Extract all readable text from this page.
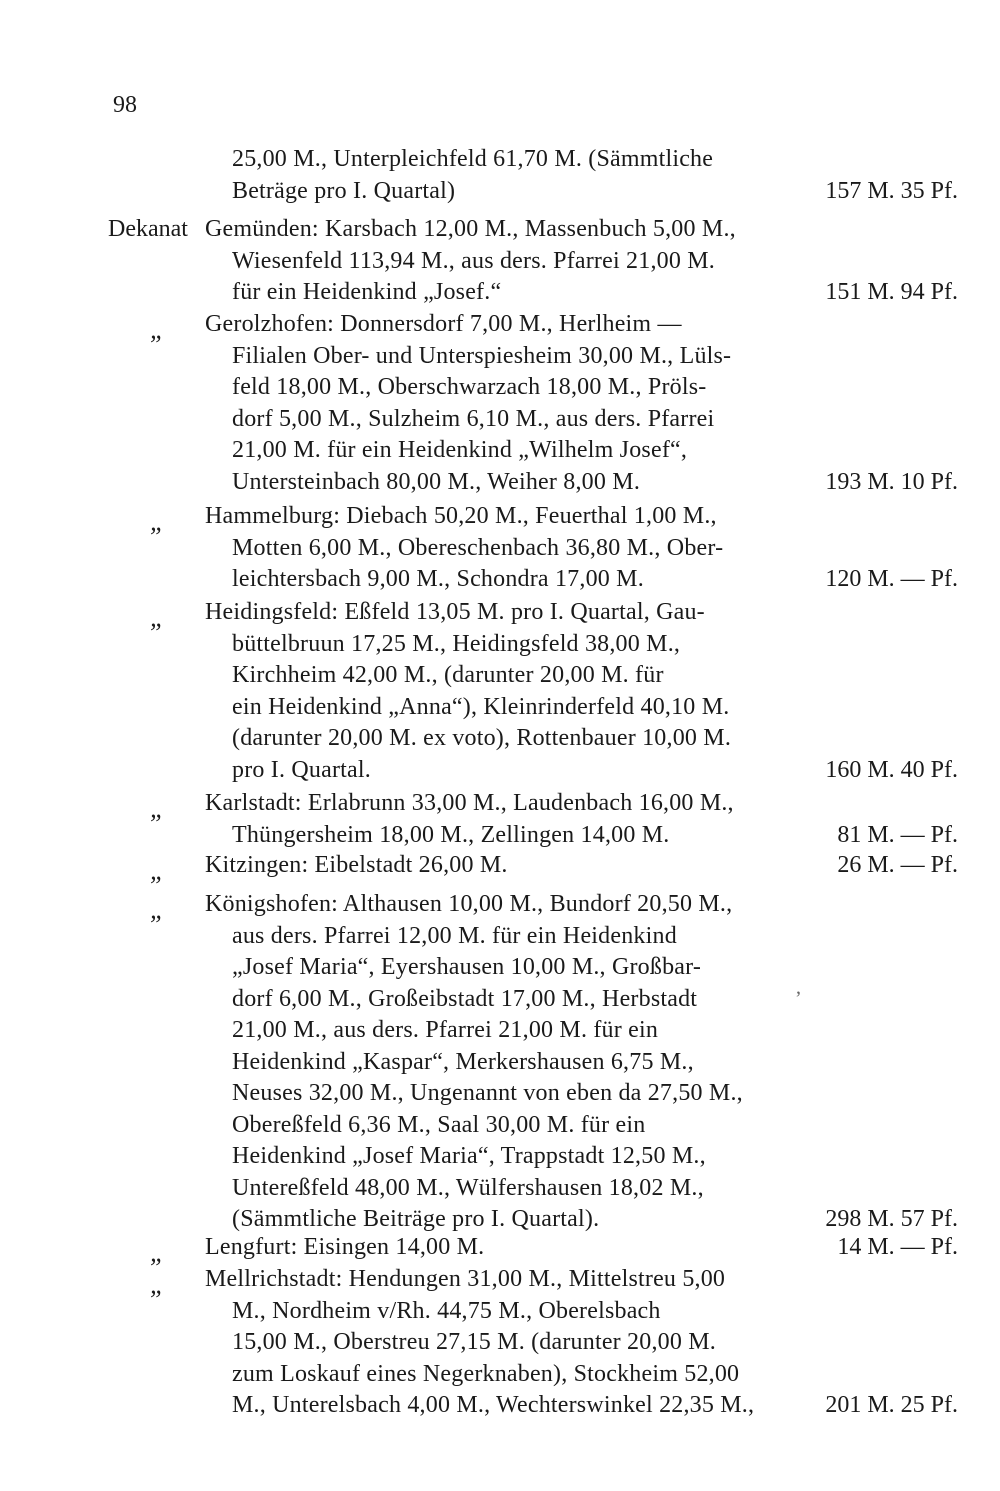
98
25,00 M., Unterpleichfeld 61,70 M. (Sämmtliche
Beträge pro I. Quartal)	157 M. 35 Pf.
Dekanat Gemünden: Karsbach 12,00 M., Massenbuch 5,00 M.,
Wiesenfeld 113,94 M., aus ders. Pfarrei 21,00 M.
für ein Heidenkind „Josef.“	151 M. 94 Pf.
„ Gerolzhofen: Donnersdorf 7,00 M., Herlheim —
Filialen Ober- und Unterspiesheim 30,00 M., Lüls-
feld 18,00 M., Oberschwarzach 18,00 M., Pröls-
dorf 5,00 M., Sulzheim 6,10 M., aus ders. Pfarrei
21,00 M. für ein Heidenkind „Wilhelm Josef“,
Untersteinbach 80,00 M., Weiher 8,00 M.	193 M. 10 Pf.
„ Hammelburg: Diebach 50,20 M., Feuerthal 1,00 M.,
Motten 6,00 M., Obereschenbach 36,80 M., Ober-
leichtersbach 9,00 M., Schondra 17,00 M.	120 M. — Pf.
„ Heidingsfeld: Eßfeld 13,05 M. pro I. Quartal, Gau-
büttelbruun 17,25 M., Heidingsfeld 38,00 M.,
Kirchheim 42,00 M., (darunter 20,00 M. für
ein Heidenkind „Anna“), Kleinrinderfeld 40,10 M.
(darunter 20,00 M. ex voto), Rottenbauer 10,00 M.
pro I. Quartal.	160 M. 40 Pf.
„ Karlstadt: Erlabrunn 33,00 M., Laudenbach 16,00 M.,
Thüngersheim 18,00 M., Zellingen 14,00 M.	81 M. — Pf.
„ Kitzingen: Eibelstadt 26,00 M.	26 M. — Pf.
„ Königshofen: Althausen 10,00 M., Bundorf 20,50 M.,
aus ders. Pfarrei 12,00 M. für ein Heidenkind
„Josef Maria“, Eyershausen 10,00 M., Großbar-
dorf 6,00 M., Großeibstadt 17,00 M., Herbstadt
21,00 M., aus ders. Pfarrei 21,00 M. für ein
Heidenkind „Kaspar“, Merkershausen 6,75 M.,
Neuses 32,00 M., Ungenannt von eben da 27,50 M.,
Obereßfeld 6,36 M., Saal 30,00 M. für ein
Heidenkind „Josef Maria“, Trappstadt 12,50 M.,
Untereßfeld 48,00 M., Wülfershausen 18,02 M.,
(Sämmtliche Beiträge pro I. Quartal).	298 M. 57 Pf.
„ Lengfurt: Eisingen 14,00 M.	14 M. — Pf.
„ Mellrichstadt: Hendungen 31,00 M., Mittelstreu 5,00
M., Nordheim v/Rh. 44,75 M., Oberelsbach
15,00 M., Oberstreu 27,15 M. (darunter 20,00 M.
zum Loskauf eines Negerknaben), Stockheim 52,00
M., Unterelsbach 4,00 M., Wechterswinkel 22,35 M.,	201 M. 25 Pf.
ʼ
